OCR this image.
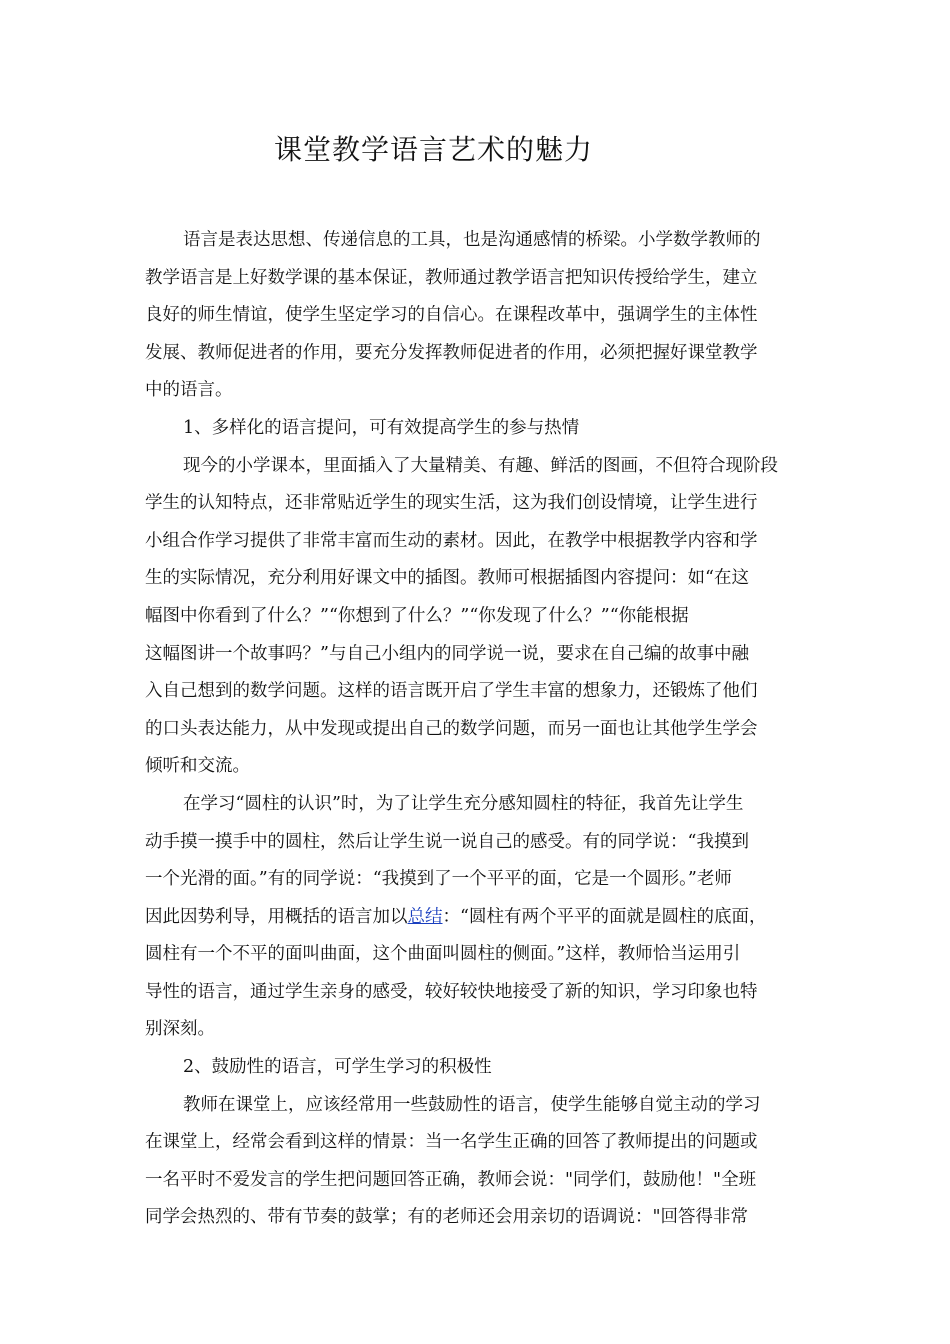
课堂教学语言艺术的魅力
语言是表达思想、传递信息的工具，也是沟通感情的桥梁。小学数学教师的
教学语言是上好数学课的基本保证，教师通过教学语言把知识传授给学生，建立
良好的师生情谊，使学生坚定学习的自信心。在课程改革中，强调学生的主体性
发展、教师促进者的作用，要充分发挥教师促进者的作用，必须把握好课堂教学
中的语言。
1、多样化的语言提问，可有效提高学生的参与热情
现今的小学课本，里面插入了大量精美、有趣、鲜活的图画，不但符合现阶段
学生的认知特点，还非常贴近学生的现实生活，这为我们创设情境，让学生进行
小组合作学习提供了非常丰富而生动的素材。因此，在教学中根据教学内容和学
生的实际情况，充分利用好课文中的插图。教师可根据插图内容提问：如“在这
幅图中你看到了什么？”“你想到了什么？”“你发现了什么？”“你能根据
这幅图讲一个故事吗？”与自己小组内的同学说一说，要求在自己编的故事中融
入自己想到的数学问题。这样的语言既开启了学生丰富的想象力，还锻炼了他们
的口头表达能力，从中发现或提出自己的数学问题，而另一面也让其他学生学会
倾听和交流。
在学习“圆柱的认识”时，为了让学生充分感知圆柱的特征，我首先让学生
动手摸一摸手中的圆柱，然后让学生说一说自己的感受。有的同学说：“我摸到
一个光滑的面。”有的同学说：“我摸到了一个平平的面，它是一个圆形。”老师
因此因势利导，用概括的语言加以总结：“圆柱有两个平平的面就是圆柱的底面，
圆柱有一个不平的面叫曲面，这个曲面叫圆柱的侧面。”这样，教师恰当运用引
导性的语言，通过学生亲身的感受，较好较快地接受了新的知识，学习印象也特
别深刻。
2、鼓励性的语言，可学生学习的积极性
教师在课堂上，应该经常用一些鼓励性的语言，使学生能够自觉主动的学习
在课堂上，经常会看到这样的情景：当一名学生正确的回答了教师提出的问题或
一名平时不爱发言的学生把问题回答正确，教师会说："同学们，鼓励他！"全班
同学会热烈的、带有节奏的鼓掌；有的老师还会用亲切的语调说："回答得非常
